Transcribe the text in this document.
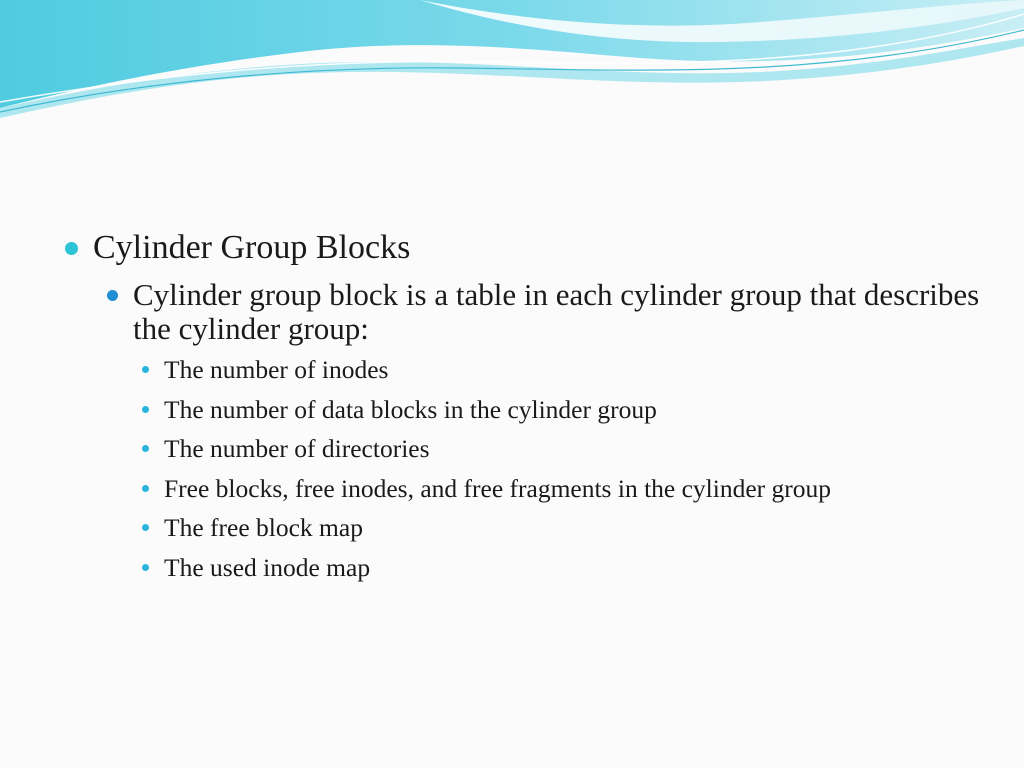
Cylinder Group Blocks
Cylinder group block is a table in each cylinder group that describes the cylinder group:
The number of inodes
The number of data blocks in the cylinder group
The number of directories
Free blocks, free inodes, and free fragments in the cylinder group
The free block map
The used inode map
